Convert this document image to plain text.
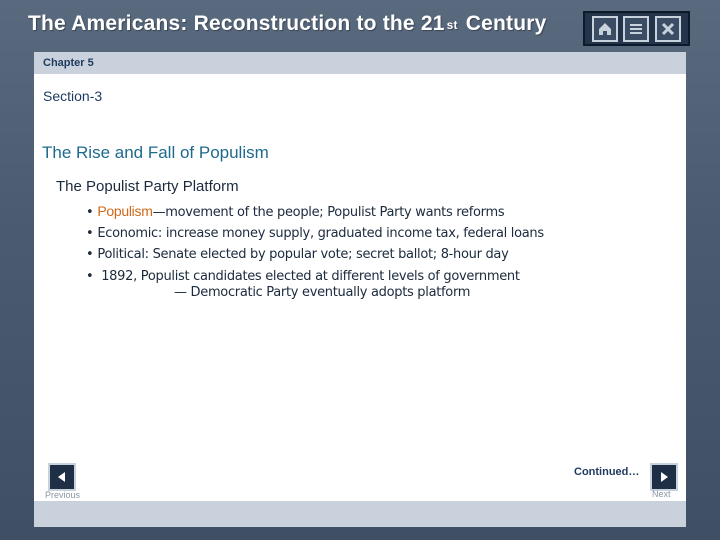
The Americans: Reconstruction to the 21 st Century
Chapter 5
Section-3
The Rise and Fall of Populism
The Populist Party Platform
• Populism—movement of the people; Populist Party wants reforms
• Economic: increase money supply, graduated income tax, federal loans
• Political: Senate elected by popular vote; secret ballot; 8-hour day
• 1892, Populist candidates elected at different levels of government
— Democratic Party eventually adopts platform
Continued…
Previous	Next
